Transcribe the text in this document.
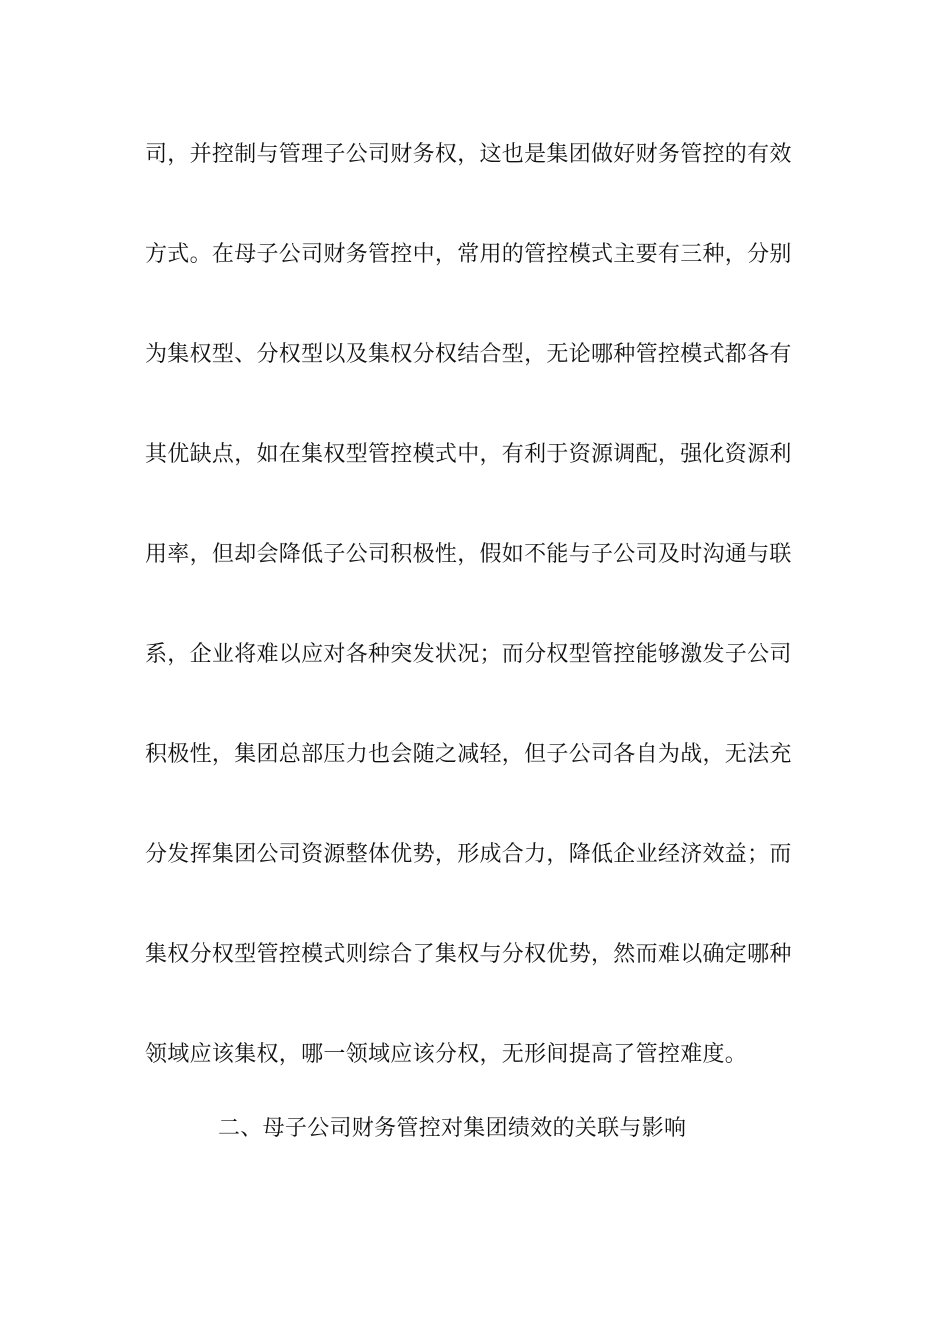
司，并控制与管理子公司财务权，这也是集团做好财务管控的有效
方式。在母子公司财务管控中，常用的管控模式主要有三种，分别
为集权型、分权型以及集权分权结合型，无论哪种管控模式都各有
其优缺点，如在集权型管控模式中，有利于资源调配，强化资源利
用率，但却会降低子公司积极性，假如不能与子公司及时沟通与联
系，企业将难以应对各种突发状况；而分权型管控能够激发子公司
积极性，集团总部压力也会随之减轻，但子公司各自为战，无法充
分发挥集团公司资源整体优势，形成合力，降低企业经济效益；而
集权分权型管控模式则综合了集权与分权优势，然而难以确定哪种
领域应该集权，哪一领域应该分权，无形间提高了管控难度。
二、母子公司财务管控对集团绩效的关联与影响
